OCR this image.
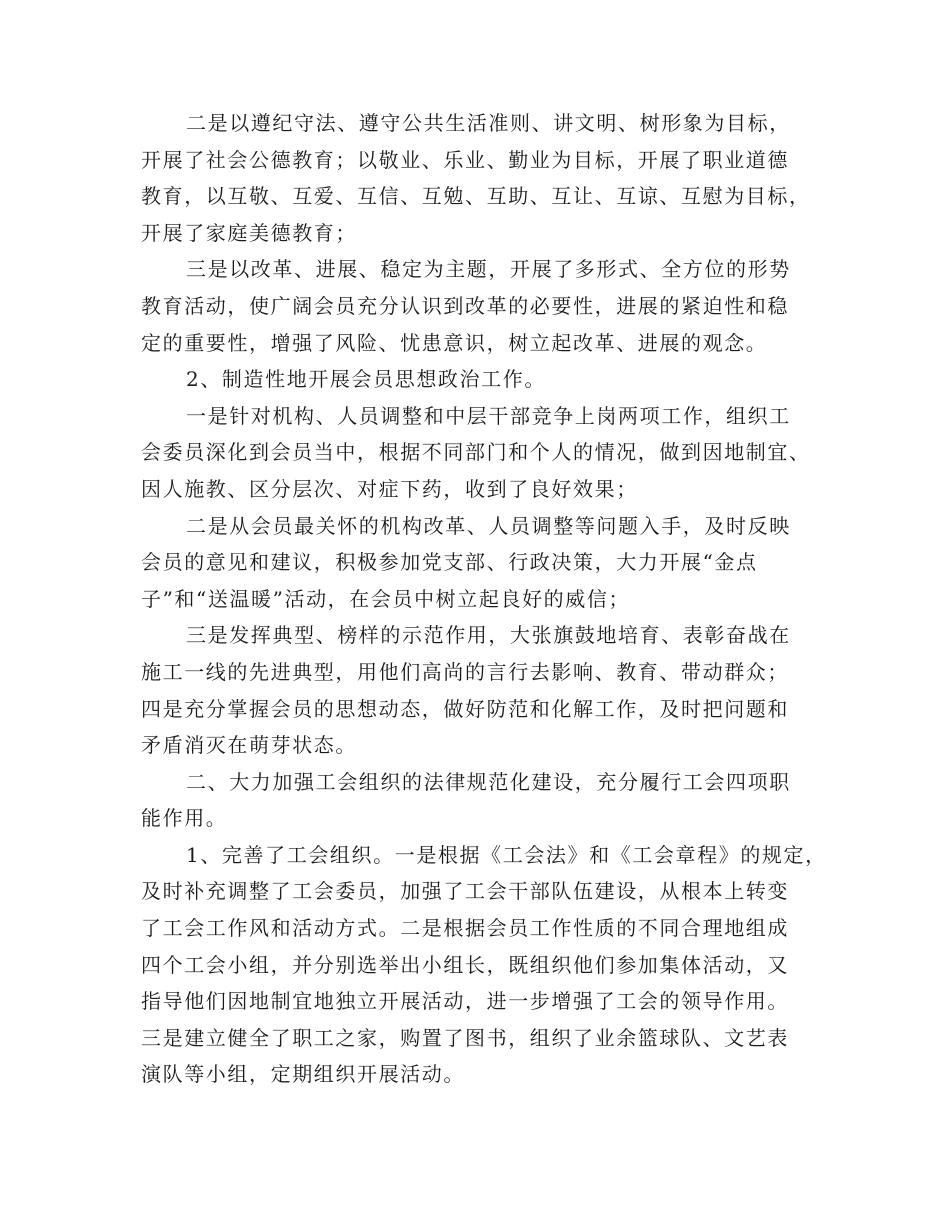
二是以遵纪守法、遵守公共生活准则、讲文明、树形象为目标，
开展了社会公德教育；以敬业、乐业、勤业为目标，开展了职业道德
教育，以互敬、互爱、互信、互勉、互助、互让、互谅、互慰为目标，
开展了家庭美德教育；
三是以改革、进展、稳定为主题，开展了多形式、全方位的形势
教育活动，使广阔会员充分认识到改革的必要性，进展的紧迫性和稳
定的重要性，增强了风险、忧患意识，树立起改革、进展的观念。
2、制造性地开展会员思想政治工作。
一是针对机构、人员调整和中层干部竞争上岗两项工作，组织工
会委员深化到会员当中，根据不同部门和个人的情况，做到因地制宜、
因人施教、区分层次、对症下药，收到了良好效果；
二是从会员最关怀的机构改革、人员调整等问题入手，及时反映
会员的意见和建议，积极参加党支部、行政决策，大力开展“金点
子”和“送温暖”活动，在会员中树立起良好的威信；
三是发挥典型、榜样的示范作用，大张旗鼓地培育、表彰奋战在
施工一线的先进典型，用他们高尚的言行去影响、教育、带动群众；
四是充分掌握会员的思想动态，做好防范和化解工作，及时把问题和
矛盾消灭在萌芽状态。
二、大力加强工会组织的法律规范化建设，充分履行工会四项职
能作用。
1、完善了工会组织。一是根据《工会法》和《工会章程》的规定，
及时补充调整了工会委员，加强了工会干部队伍建设，从根本上转变
了工会工作风和活动方式。二是根据会员工作性质的不同合理地组成
四个工会小组，并分别选举出小组长，既组织他们参加集体活动，又
指导他们因地制宜地独立开展活动，进一步增强了工会的领导作用。
三是建立健全了职工之家，购置了图书，组织了业余篮球队、文艺表
演队等小组，定期组织开展活动。
